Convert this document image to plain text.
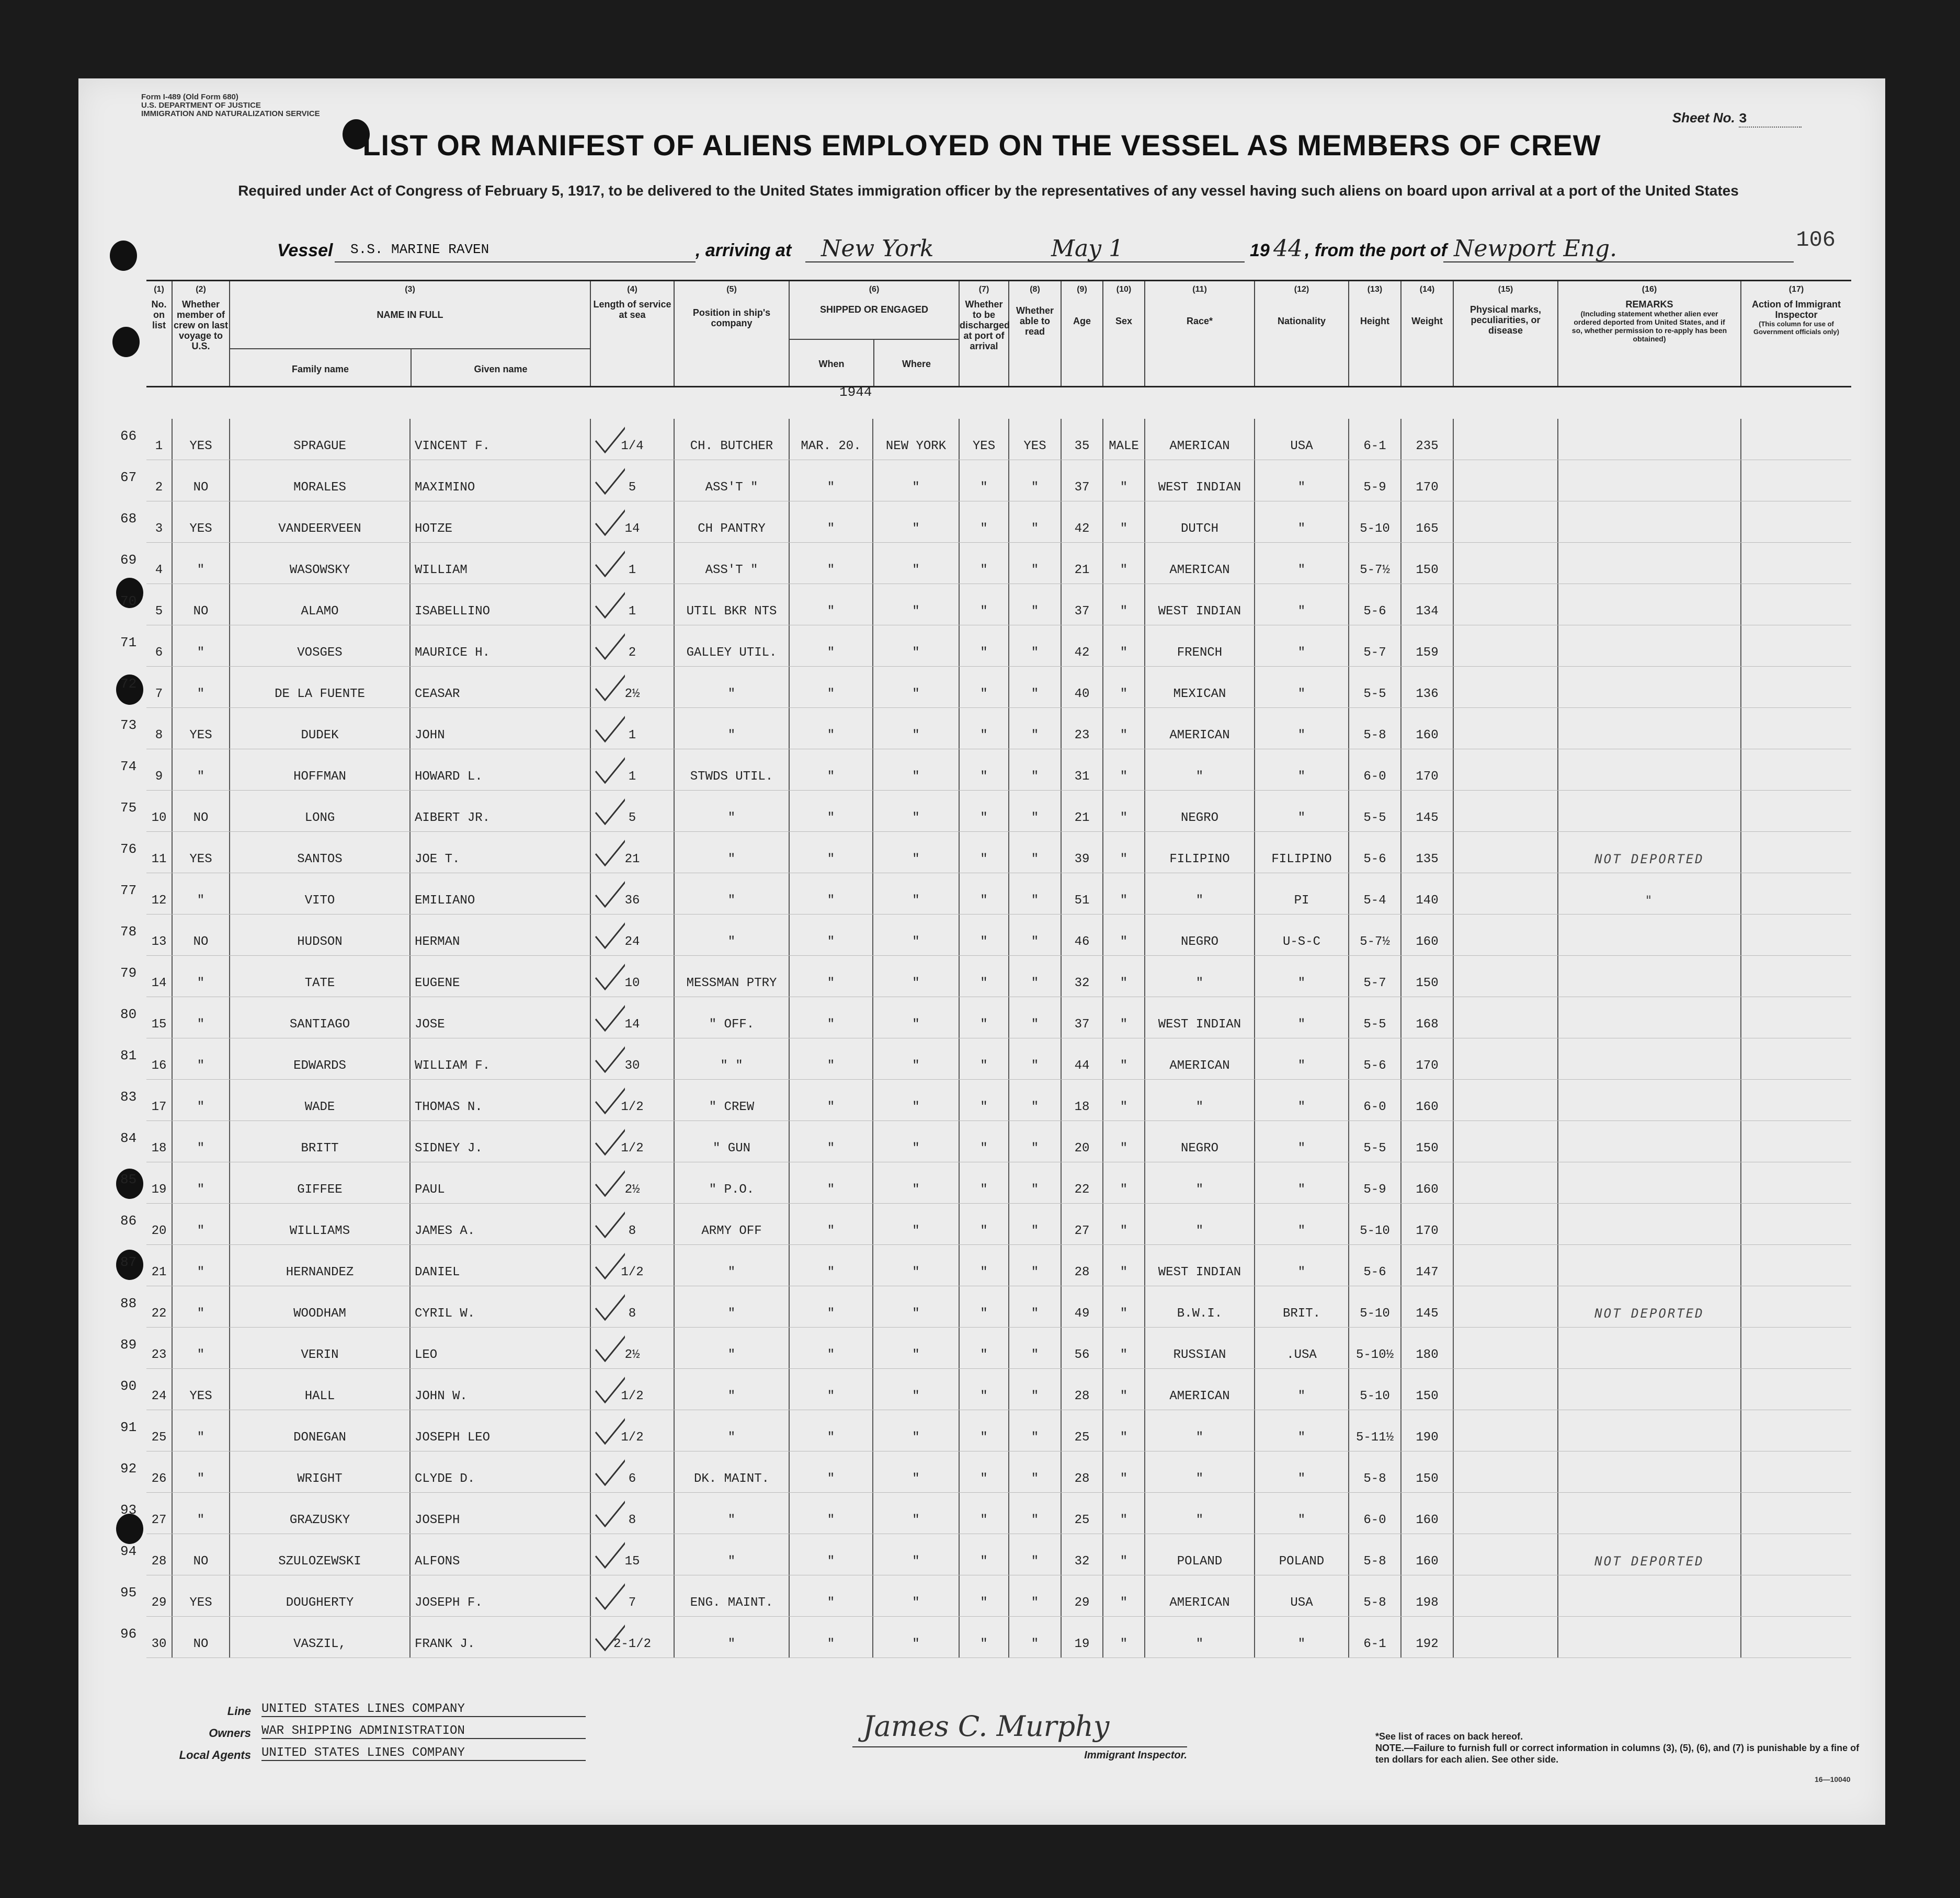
Form I-489 (Old Form 680)
U.S. DEPARTMENT OF JUSTICE
IMMIGRATION AND NATURALIZATION SERVICE	Sheet No. 3
LIST OR MANIFEST OF ALIENS EMPLOYED ON THE VESSEL AS MEMBERS OF CREW
Required under Act of Congress of February 5, 1917, to be delivered to the United States immigration officer by the representatives of any vessel having such aliens on board upon arrival at a port of the United States
106
Vessel S.S. MARINE RAVEN	, arriving at New York	May 1	19 44 , from the port of Newport Eng.
(1)
No. on list
(2)
Whether member of crew on last voyage to U.S.
(3)
NAME IN FULL
Family name	Given name
(4)
Length of service at sea
(5)
Position in ship's company
(6)
SHIPPED OR ENGAGED
When	Where
(7)
Whether to be discharged at port of arrival
(8)
Whether able to read
(9)
Age
(10)
Sex
(11)
Race*
(12)
Nationality
(13)
Height
(14)
Weight
(15)
Physical marks, peculiarities, or disease
(16)
REMARKS
(Including statement whether alien ever ordered deported from United States, and if so, whether permission to re-apply has been obtained)
(17)
Action of Immigrant Inspector
(This column for use of Government officials only)
1944
66
1	YES	SPRAGUE	VINCENT F.	1/4	CH. BUTCHER	MAR. 20.	NEW YORK	YES	YES	35	MALE	AMERICAN	USA	6-1	235
67
2	NO	MORALES	MAXIMINO	5	ASS'T "	"	"	"	"	37	"	WEST INDIAN	"	5-9	170
68
3	YES	VANDEERVEEN	HOTZE	14	CH PANTRY	"	"	"	"	42	"	DUTCH	"	5-10	165
69
4	"	WASOWSKY	WILLIAM	1	ASS'T "	"	"	"	"	21	"	AMERICAN	"	5-7½	150
70
5	NO	ALAMO	ISABELLINO	1	UTIL BKR NTS	"	"	"	"	37	"	WEST INDIAN	"	5-6	134
71
6	"	VOSGES	MAURICE H.	2	GALLEY UTIL.	"	"	"	"	42	"	FRENCH	"	5-7	159
72
7	"	DE LA FUENTE	CEASAR	2½	"	"	"	"	"	40	"	MEXICAN	"	5-5	136
73
8	YES	DUDEK	JOHN	1	"	"	"	"	"	23	"	AMERICAN	"	5-8	160
74
9	"	HOFFMAN	HOWARD L.	1	STWDS UTIL.	"	"	"	"	31	"	"	"	6-0	170
75
10	NO	LONG	AIBERT JR.	5	"	"	"	"	"	21	"	NEGRO	"	5-5	145
76
11	YES	SANTOS	JOE T.	21	"	"	"	"	"	39	"	FILIPINO	FILIPINO	5-6	135	NOT DEPORTED
77
12	"	VITO	EMILIANO	36	"	"	"	"	"	51	"	"	PI	5-4	140	"
78
13	NO	HUDSON	HERMAN	24	"	"	"	"	"	46	"	NEGRO	U-S-C	5-7½	160
79
14	"	TATE	EUGENE	10	MESSMAN PTRY	"	"	"	"	32	"	"	"	5-7	150
80
15	"	SANTIAGO	JOSE	14	" OFF.	"	"	"	"	37	"	WEST INDIAN	"	5-5	168
81
16	"	EDWARDS	WILLIAM F.	30	" "	"	"	"	"	44	"	AMERICAN	"	5-6	170
83
17	"	WADE	THOMAS N.	1/2	" CREW	"	"	"	"	18	"	"	"	6-0	160
84
18	"	BRITT	SIDNEY J.	1/2	" GUN	"	"	"	"	20	"	NEGRO	"	5-5	150
85
19	"	GIFFEE	PAUL	2½	" P.O.	"	"	"	"	22	"	"	"	5-9	160
86
20	"	WILLIAMS	JAMES A.	8	ARMY OFF	"	"	"	"	27	"	"	"	5-10	170
87
21	"	HERNANDEZ	DANIEL	1/2	"	"	"	"	"	28	"	WEST INDIAN	"	5-6	147
88
22	"	WOODHAM	CYRIL W.	8	"	"	"	"	"	49	"	B.W.I.	BRIT.	5-10	145	NOT DEPORTED
89
23	"	VERIN	LEO	2½	"	"	"	"	"	56	"	RUSSIAN	.USA	5-10½	180
90
24	YES	HALL	JOHN W.	1/2	"	"	"	"	"	28	"	AMERICAN	"	5-10	150
91
25	"	DONEGAN	JOSEPH LEO	1/2	"	"	"	"	"	25	"	"	"	5-11½	190
92
26	"	WRIGHT	CLYDE D.	6	DK. MAINT.	"	"	"	"	28	"	"	"	5-8	150
93
27	"	GRAZUSKY	JOSEPH	8	"	"	"	"	"	25	"	"	"	6-0	160
94
28	NO	SZULOZEWSKI	ALFONS	15	"	"	"	"	"	32	"	POLAND	POLAND	5-8	160	NOT DEPORTED
95
29	YES	DOUGHERTY	JOSEPH F.	7	ENG. MAINT.	"	"	"	"	29	"	AMERICAN	USA	5-8	198
96
30	NO	VASZIL,	FRANK J.	2-1/2	"	"	"	"	"	19	"	"	"	6-1	192
Line UNITED STATES LINES COMPANY
Owners WAR SHIPPING ADMINISTRATION
Local Agents UNITED STATES LINES COMPANY
James C. Murphy
Immigrant Inspector.
*See list of races on back hereof.
NOTE.—Failure to furnish full or correct information in columns (3), (5), (6), and (7) is punishable by a fine of ten dollars for each alien. See other side.
16—10040
